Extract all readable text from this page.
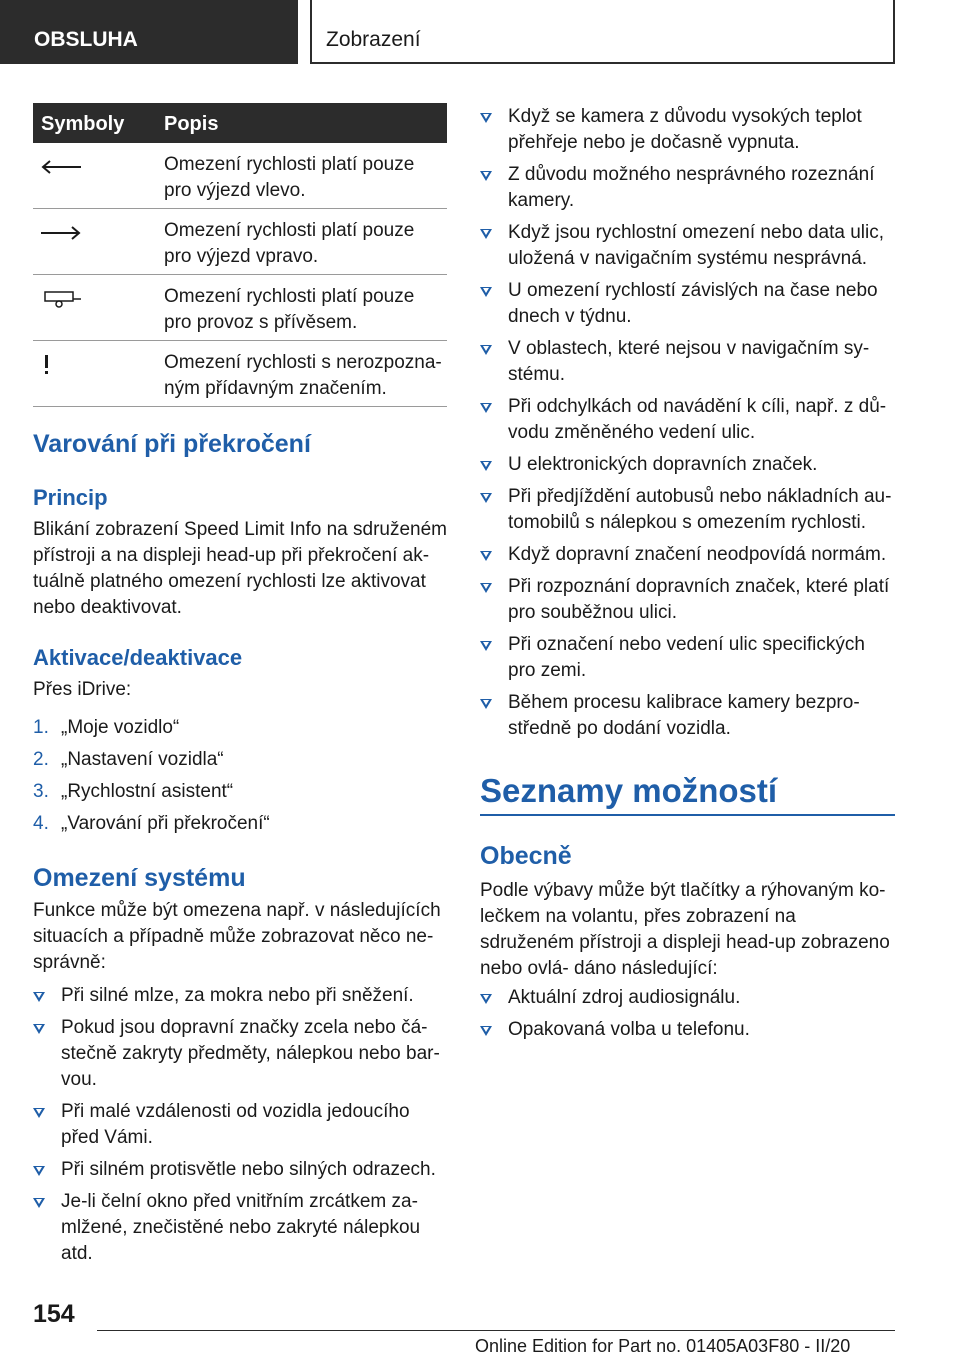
OBSLUHA	Zobrazení
Symboly Popis
Omezení rychlosti platí pouze pro výjezd vlevo.
Omezení rychlosti platí pouze pro výjezd vpravo.
Omezení rychlosti platí pouze pro provoz s přívěsem.
Omezení rychlosti s nerozpozna‐ ným přídavným značením.
Varování při překročení
Princip

Blikání zobrazení Speed Limit Info na sdruženém přístroji a na displeji head-up při překročení ak‐ tuálně platného omezení rychlosti lze aktivovat nebo deaktivovat.

Aktivace/deaktivace

Přes iDrive:

1. „Moje vozidlo“
2. „Nastavení vozidla“
3. „Rychlostní asistent“
4. „Varování při překročení“
Omezení systému

Funkce může být omezena např. v následujících situacích a případně může zobrazovat něco ne‐ správně:

Při silné mlze, za mokra nebo při sněžení.
Pokud jsou dopravní značky zcela nebo čá‐ stečně zakryty předměty, nálepkou nebo bar‐ vou.
Při malé vzdálenosti od vozidla jedoucího před Vámi.
Při silném protisvětle nebo silných odrazech.
Je-li čelní okno před vnitřním zrcátkem za‐ mlžené, znečistěné nebo zakryté nálepkou atd.
Když se kamera z důvodu vysokých teplot přehřeje nebo je dočasně vypnuta.
Z důvodu možného nesprávného rozeznání kamery.
Když jsou rychlostní omezení nebo data ulic, uložená v navigačním systému nesprávná.
U omezení rychlostí závislých na čase nebo dnech v týdnu.
V oblastech, které nejsou v navigačním sy‐ stému.
Při odchylkách od navádění k cíli, např. z dů‐ vodu změněného vedení ulic.
U elektronických dopravních značek.
Při předjíždění autobusů nebo nákladních au‐ tomobilů s nálepkou s omezením rychlosti.
Když dopravní značení neodpovídá normám.
Při rozpoznání dopravních značek, které platí pro souběžnou ulici.
Při označení nebo vedení ulic specifických pro zemi.
Během procesu kalibrace kamery bezpro‐ středně po dodání vozidla.
Seznamy možností
Obecně

Podle výbavy může být tlačítky a rýhovaným ko‐ lečkem na volantu, přes zobrazení na sdruženém přístroji a displeji head-up zobrazeno nebo ovlá‐ dáno následující:

Aktuální zdroj audiosignálu.
Opakovaná volba u telefonu.
154
Online Edition for Part no. 01405A03F80 - II/20
